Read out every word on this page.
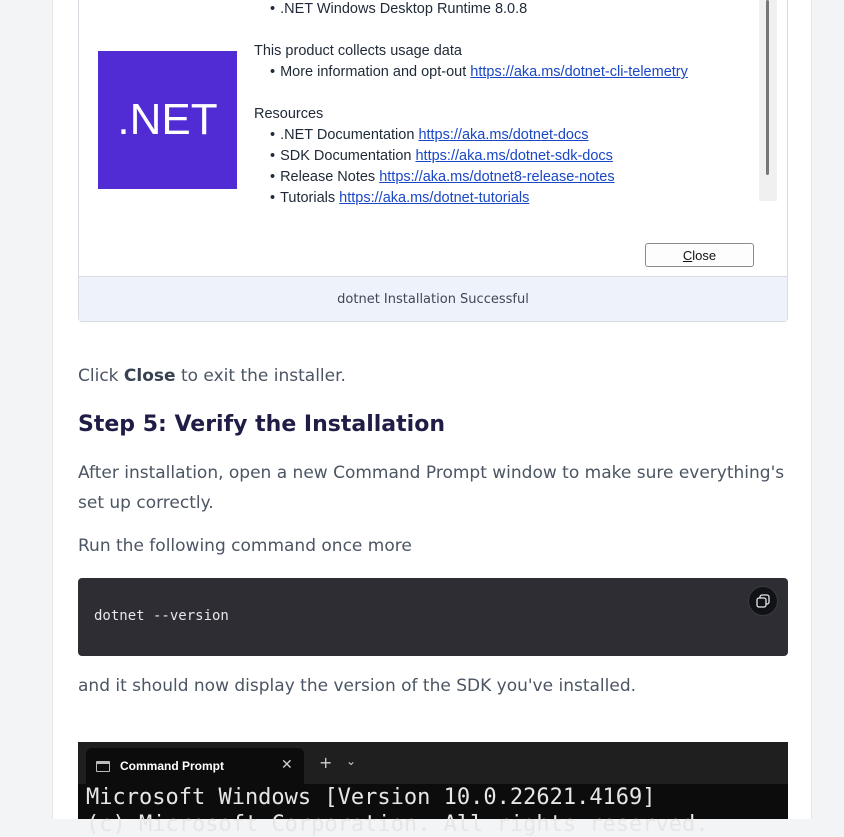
.NET
• .NET Windows Desktop Runtime 8.0.8

This product collects usage data
• More information and opt-out https://aka.ms/dotnet-cli-telemetry

Resources
• .NET Documentation https://aka.ms/dotnet-docs
• SDK Documentation https://aka.ms/dotnet-sdk-docs
• Release Notes https://aka.ms/dotnet8-release-notes
• Tutorials https://aka.ms/dotnet-tutorials
Close
dotnet Installation Successful

Click Close to exit the installer.

Step 5: Verify the Installation

After installation, open a new Command Prompt window to make sure everything's set up correctly.

Run the following command once more

dotnet --version

and it should now display the version of the SDK you've installed.

Command Prompt	✕ + ⌄
Microsoft Windows [Version 10.0.22621.4169]
(c) Microsoft Corporation. All rights reserved.
